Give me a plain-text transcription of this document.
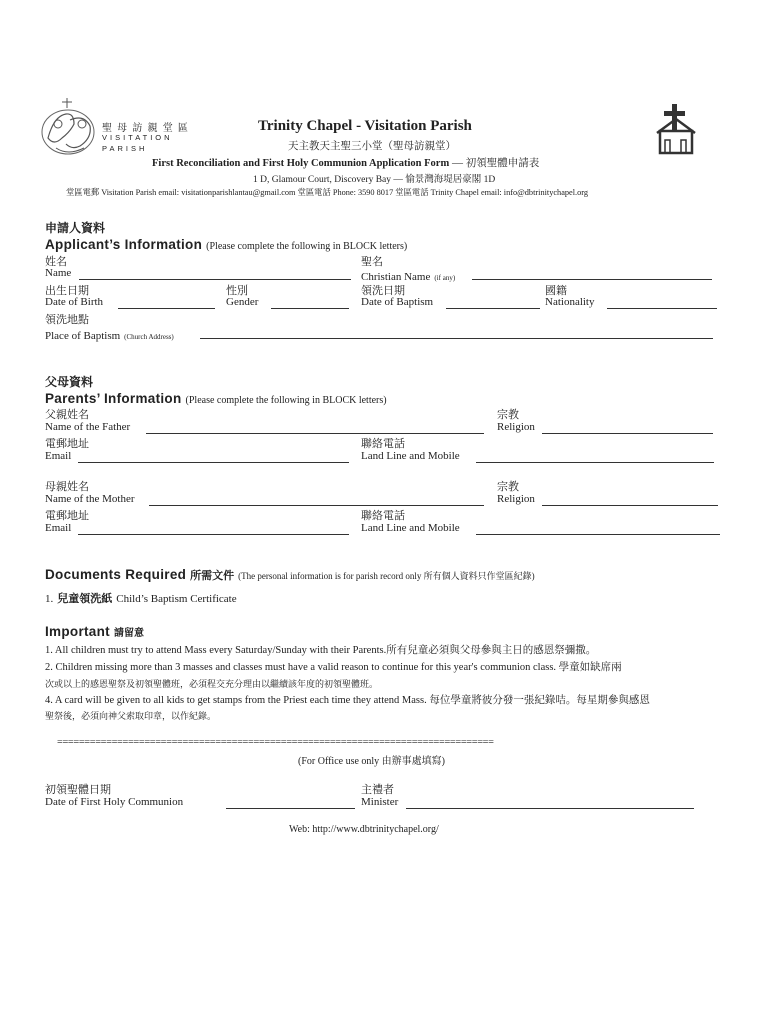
聖 母 訪 親 堂 區
VISITATION
PARISH
Trinity Chapel - Visitation Parish
天主教天主聖三小堂（聖母訪親堂）
First Reconciliation and First Holy Communion Application Form — 初領聖體申請表
1 D, Glamour Court, Discovery Bay — 愉景灣海堤居豪閣 1D
堂區電郵 Visitation Parish email: visitationparishlantau@gmail.com 堂區電話 Phone: 3590 8017 堂區電話 Trinity Chapel email: info@dbtrinitychapel.org
申請人資料
Applicant’s Information (Please complete the following in BLOCK letters)
姓名
Name
聖名
Christian Name (if any)
出生日期
Date of Birth
性別
Gender
領洗日期
Date of Baptism
國籍
Nationality
領洗地點
Place of Baptism (Church Address)
父母資料
Parents’ Information (Please complete the following in BLOCK letters)
父親姓名
Name of the Father
宗教
Religion
電郵地址
Email
聯絡電話
Land Line and Mobile
母親姓名
Name of the Mother
宗教
Religion
電郵地址
Email
聯絡電話
Land Line and Mobile
Documents Required 所需文件 (The personal information is for parish record only 所有個人資料只作堂區紀錄)
1. 兒童領洗紙 Child’s Baptism Certificate
Important 請留意
1. All children must try to attend Mass every Saturday/Sunday with their Parents.所有兒童必須與父母參與主日的感恩祭彌撒。
2. Children missing more than 3 masses and classes must have a valid reason to continue for this year's communion class. 學童如缺席兩
次或以上的感恩聖祭及初領聖體班，必須程交充分理由以繼續該年度的初領聖體班。
4. A card will be given to all kids to get stamps from the Priest each time they attend Mass. 每位學童將彼分發一張紀錄咭。每星期參與感恩
聖祭後，必須向神父索取印章，以作紀錄。
================================================================================
(For Office use only 由辦事處填寫)
初領聖體日期
Date of First Holy Communion
主禮者
Minister
Web: http://www.dbtrinitychapel.org/
